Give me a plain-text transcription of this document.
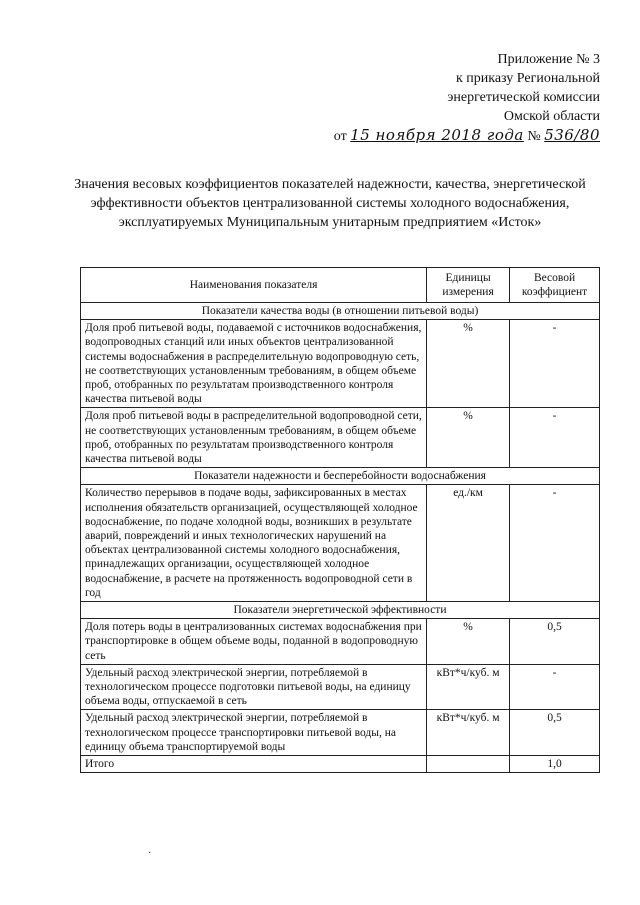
Приложение № 3
к приказу Региональной
энергетической комиссии
Омской области
от 15 ноября 2018 года № 536/80
Значения весовых коэффициентов показателей надежности, качества, энергетической эффективности объектов централизованной системы холодного водоснабжения, эксплуатируемых Муниципальным унитарным предприятием «Исток»
Наименования показателя	Единицы измерения	Весовой коэффициент
Показатели качества воды (в отношении питьевой воды)		
Доля проб питьевой воды, подаваемой с источников водоснабжения, водопроводных станций или иных объектов централизованной системы водоснабжения в распределительную водопроводную сеть, не соответствующих установленным требованиям, в общем объеме проб, отобранных по результатам производственного контроля качества питьевой воды	%	-
Доля проб питьевой воды в распределительной водопроводной сети, не соответствующих установленным требованиям, в общем объеме проб, отобранных по результатам производственного контроля качества питьевой воды	%	-
Показатели надежности и бесперебойности водоснабжения		
Количество перерывов в подаче воды, зафиксированных в местах исполнения обязательств организацией, осуществляющей холодное водоснабжение, по подаче холодной воды, возникших в результате аварий, повреждений и иных технологических нарушений на объектах централизованной системы холодного водоснабжения, принадлежащих организации, осуществляющей холодное водоснабжение, в расчете на протяженность водопроводной сети в год	ед./км	-
Показатели энергетической эффективности		
Доля потерь воды в централизованных системах водоснабжения при транспортировке в общем объеме воды, поданной в водопроводную сеть	%	0,5
Удельный расход электрической энергии, потребляемой в технологическом процессе подготовки питьевой воды, на единицу объема воды, отпускаемой в сеть	кВт*ч/куб. м	-
Удельный расход электрической энергии, потребляемой в технологическом процессе транспортировки питьевой воды, на единицу объема транспортируемой воды	кВт*ч/куб. м	0,5
Итого		1,0
·
